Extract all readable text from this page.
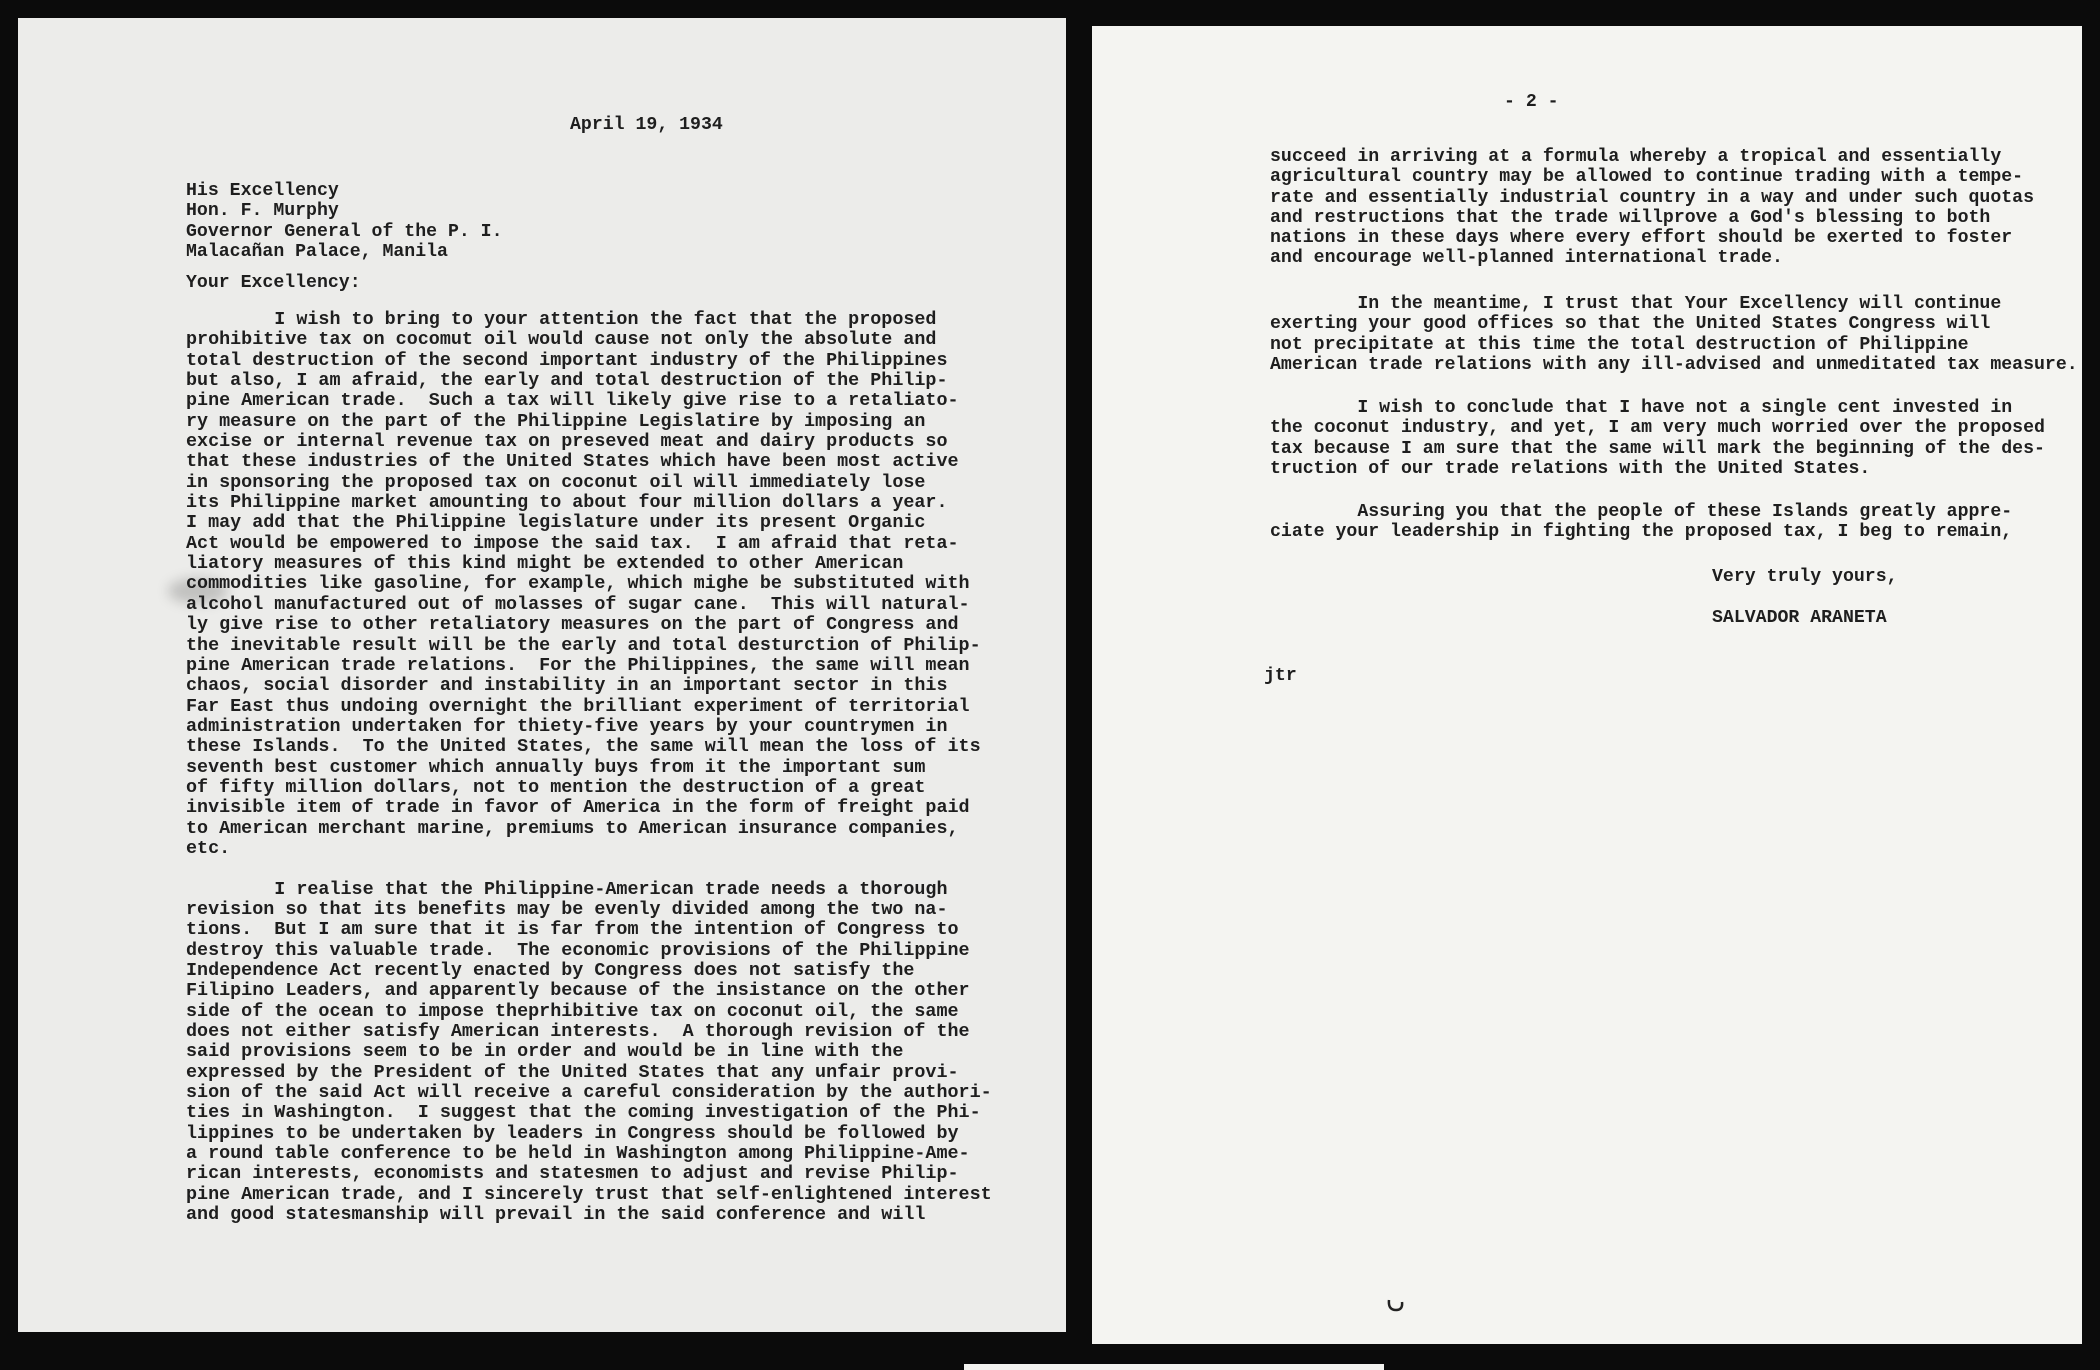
April 19, 1934

His Excellency

Hon. F. Murphy

Governor General of the P. I.

Malacañan Palace, Manila

Your Excellency:

I wish to bring to your attention the fact that the proposed

prohibitive tax on cocomut oil would cause not only the absolute and

total destruction of the second important industry of the Philippines

but also, I am afraid, the early and total destruction of the Philip-

pine American trade.  Such a tax will likely give rise to a retaliato-

ry measure on the part of the Philippine Legislatire by imposing an

excise or internal revenue tax on preseved meat and dairy products so

that these industries of the United States which have been most active

in sponsoring the proposed tax on coconut oil will immediately lose

its Philippine market amounting to about four million dollars a year.

I may add that the Philippine legislature under its present Organic

Act would be empowered to impose the said tax.  I am afraid that reta-

liatory measures of this kind might be extended to other American

commodities like gasoline, for example, which mighe be substituted with

alcohol manufactured out of molasses of sugar cane.  This will natural-

ly give rise to other retaliatory measures on the part of Congress and

the inevitable result will be the early and total desturction of Philip-

pine American trade relations.  For the Philippines, the same will mean

chaos, social disorder and instability in an important sector in this

Far East thus undoing overnight the brilliant experiment of territorial

administration undertaken for thiety-five years by your countrymen in

these Islands.  To the United States, the same will mean the loss of its

seventh best customer which annually buys from it the important sum

of fifty million dollars, not to mention the destruction of a great

invisible item of trade in favor of America in the form of freight paid

to American merchant marine, premiums to American insurance companies,

etc.

I realise that the Philippine-American trade needs a thorough

revision so that its benefits may be evenly divided among the two na-

tions.  But I am sure that it is far from the intention of Congress to

destroy this valuable trade.  The economic provisions of the Philippine

Independence Act recently enacted by Congress does not satisfy the

Filipino Leaders, and apparently because of the insistance on the other

side of the ocean to impose theprhibitive tax on coconut oil, the same

does not either satisfy American interests.  A thorough revision of the

said provisions seem to be in order and would be in line with the

expressed by the President of the United States that any unfair provi-

sion of the said Act will receive a careful consideration by the authori-

ties in Washington.  I suggest that the coming investigation of the Phi-

lippines to be undertaken by leaders in Congress should be followed by

a round table conference to be held in Washington among Philippine-Ame-

rican interests, economists and statesmen to adjust and revise Philip-

pine American trade, and I sincerely trust that self-enlightened interest

and good statesmanship will prevail in the said conference and will

- 2 -

succeed in arriving at a formula whereby a tropical and essentially

agricultural country may be allowed to continue trading with a tempe-

rate and essentially industrial country in a way and under such quotas

and restructions that the trade willprove a God's blessing to both

nations in these days where every effort should be exerted to foster

and encourage well-planned international trade.

In the meantime, I trust that Your Excellency will continue

exerting your good offices so that the United States Congress will

not precipitate at this time the total destruction of Philippine

American trade relations with any ill-advised and unmeditated tax measure.

I wish to conclude that I have not a single cent invested in

the coconut industry, and yet, I am very much worried over the proposed

tax because I am sure that the same will mark the beginning of the des-

truction of our trade relations with the United States.

Assuring you that the people of these Islands greatly appre-

ciate your leadership in fighting the proposed tax, I beg to remain,

Very truly yours,
SALVADOR ARANETA
jtr
